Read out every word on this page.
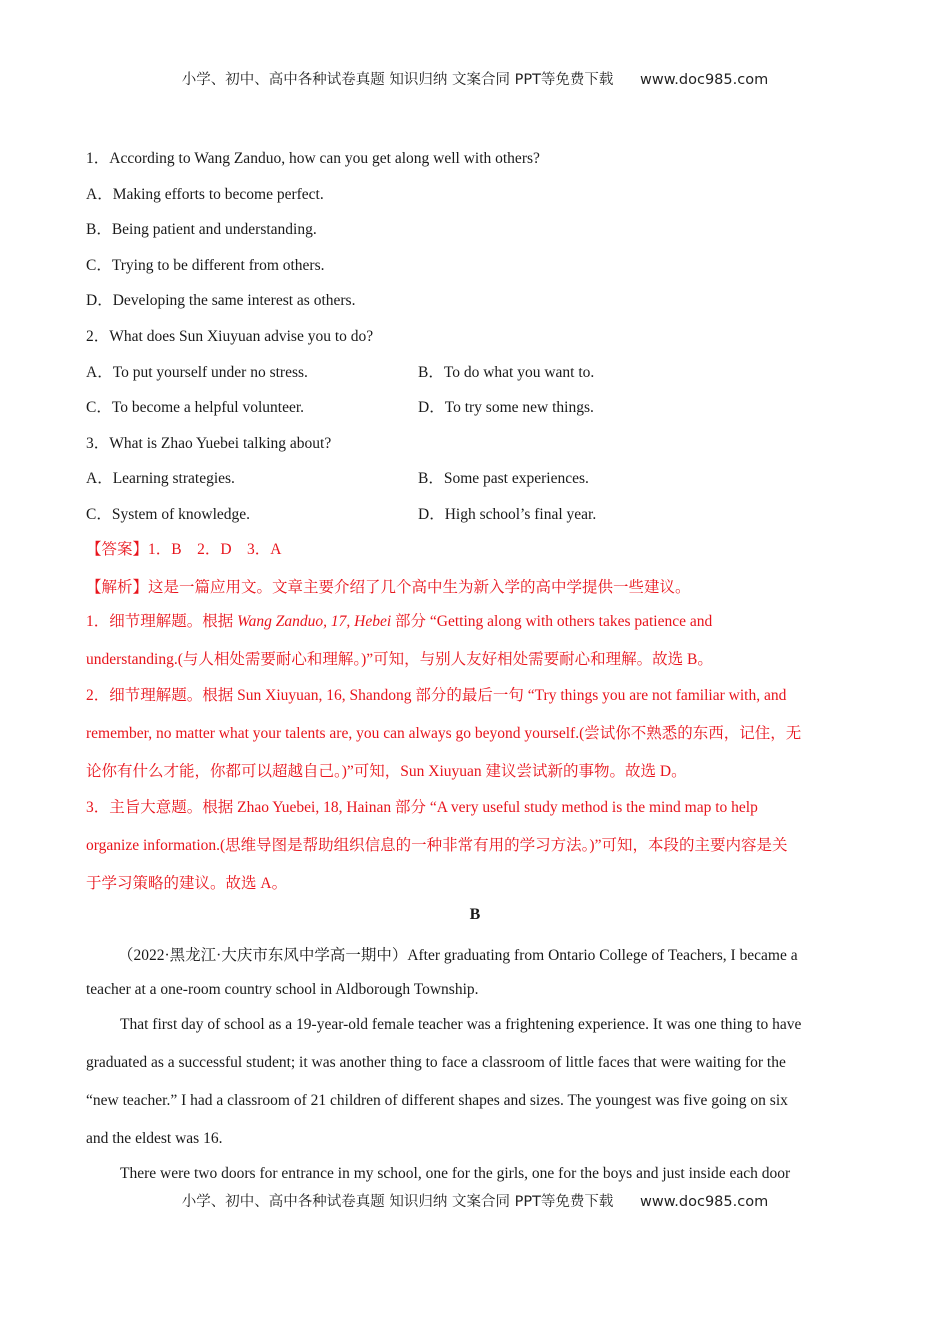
小学、初中、高中各种试卷真题 知识归纳 文案合同 PPT等免费下载 www.doc985.com
1．According to Wang Zanduo, how can you get along well with others?
A．Making efforts to become perfect.
B．Being patient and understanding.
C．Trying to be different from others.
D．Developing the same interest as others.
2．What does Sun Xiuyuan advise you to do?
A．To put yourself under no stress.	B．To do what you want to.
C．To become a helpful volunteer.	D．To try some new things.
3．What is Zhao Yuebei talking about?
A．Learning strategies.	B．Some past experiences.
C．System of knowledge.	D．High school’s final year.
【答案】1．B　2．D　3．A
【解析】这是一篇应用文。文章主要介绍了几个高中生为新入学的高中学提供一些建议。
1．细节理解题。根据 Wang Zanduo, 17, Hebei 部分 “Getting along with others takes patience and
understanding.(与人相处需要耐心和理解。)”可知，与别人友好相处需要耐心和理解。故选 B。
2．细节理解题。根据 Sun Xiuyuan, 16, Shandong 部分的最后一句 “Try things you are not familiar with, and
remember, no matter what your talents are, you can always go beyond yourself.(尝试你不熟悉的东西，记住，无
论你有什么才能，你都可以超越自己。)”可知，Sun Xiuyuan 建议尝试新的事物。故选 D。
3．主旨大意题。根据 Zhao Yuebei, 18, Hainan 部分 “A very useful study method is the mind map to help
organize information.(思维导图是帮助组织信息的一种非常有用的学习方法。)”可知，本段的主要内容是关
于学习策略的建议。故选 A。
B
（2022·黑龙江·大庆市东风中学高一期中）After graduating from Ontario College of Teachers, I became a
teacher at a one-room country school in Aldborough Township.
That first day of school as a 19-year-old female teacher was a frightening experience. It was one thing to have
graduated as a successful student; it was another thing to face a classroom of little faces that were waiting for the
“new teacher.” I had a classroom of 21 children of different shapes and sizes. The youngest was five going on six
and the eldest was 16.
There were two doors for entrance in my school, one for the girls, one for the boys and just inside each door
小学、初中、高中各种试卷真题 知识归纳 文案合同 PPT等免费下载 www.doc985.com
